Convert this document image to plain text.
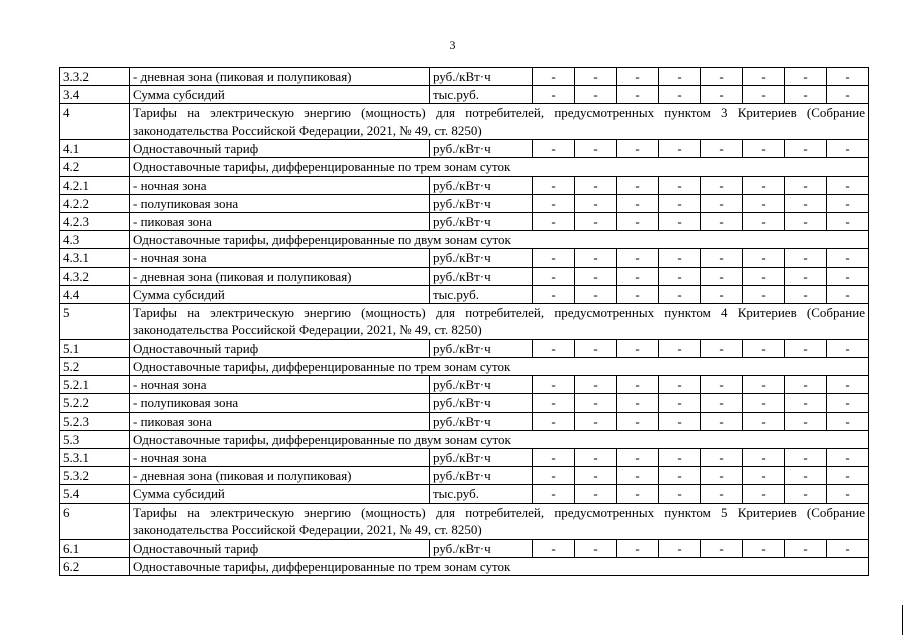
3
3.3.2	- дневная зона (пиковая и полупиковая)	руб./кВт·ч	-	-	-	-	-	-	-	-
3.4	Сумма субсидий	тыс.руб.	-	-	-	-	-	-	-	-
4	Тарифы на электрическую энергию (мощность) для потребителей, предусмотренных пунктом 3 Критериев (Собрание законодательства Российской Федерации, 2021, № 49, ст. 8250)									
4.1	Одноставочный тариф	руб./кВт·ч	-	-	-	-	-	-	-	-
4.2	Одноставочные тарифы, дифференцированные по трем зонам суток									
4.2.1	- ночная зона	руб./кВт·ч	-	-	-	-	-	-	-	-
4.2.2	- полупиковая зона	руб./кВт·ч	-	-	-	-	-	-	-	-
4.2.3	- пиковая зона	руб./кВт·ч	-	-	-	-	-	-	-	-
4.3	Одноставочные тарифы, дифференцированные по двум зонам суток									
4.3.1	- ночная зона	руб./кВт·ч	-	-	-	-	-	-	-	-
4.3.2	- дневная зона (пиковая и полупиковая)	руб./кВт·ч	-	-	-	-	-	-	-	-
4.4	Сумма субсидий	тыс.руб.	-	-	-	-	-	-	-	-
5	Тарифы на электрическую энергию (мощность) для потребителей, предусмотренных пунктом 4 Критериев (Собрание законодательства Российской Федерации, 2021, № 49, ст. 8250)									
5.1	Одноставочный тариф	руб./кВт·ч	-	-	-	-	-	-	-	-
5.2	Одноставочные тарифы, дифференцированные по трем зонам суток									
5.2.1	- ночная зона	руб./кВт·ч	-	-	-	-	-	-	-	-
5.2.2	- полупиковая зона	руб./кВт·ч	-	-	-	-	-	-	-	-
5.2.3	- пиковая зона	руб./кВт·ч	-	-	-	-	-	-	-	-
5.3	Одноставочные тарифы, дифференцированные по двум зонам суток									
5.3.1	- ночная зона	руб./кВт·ч	-	-	-	-	-	-	-	-
5.3.2	- дневная зона (пиковая и полупиковая)	руб./кВт·ч	-	-	-	-	-	-	-	-
5.4	Сумма субсидий	тыс.руб.	-	-	-	-	-	-	-	-
6	Тарифы на электрическую энергию (мощность) для потребителей, предусмотренных пунктом 5 Критериев (Собрание законодательства Российской Федерации, 2021, № 49, ст. 8250)									
6.1	Одноставочный тариф	руб./кВт·ч	-	-	-	-	-	-	-	-
6.2	Одноставочные тарифы, дифференцированные по трем зонам суток									
